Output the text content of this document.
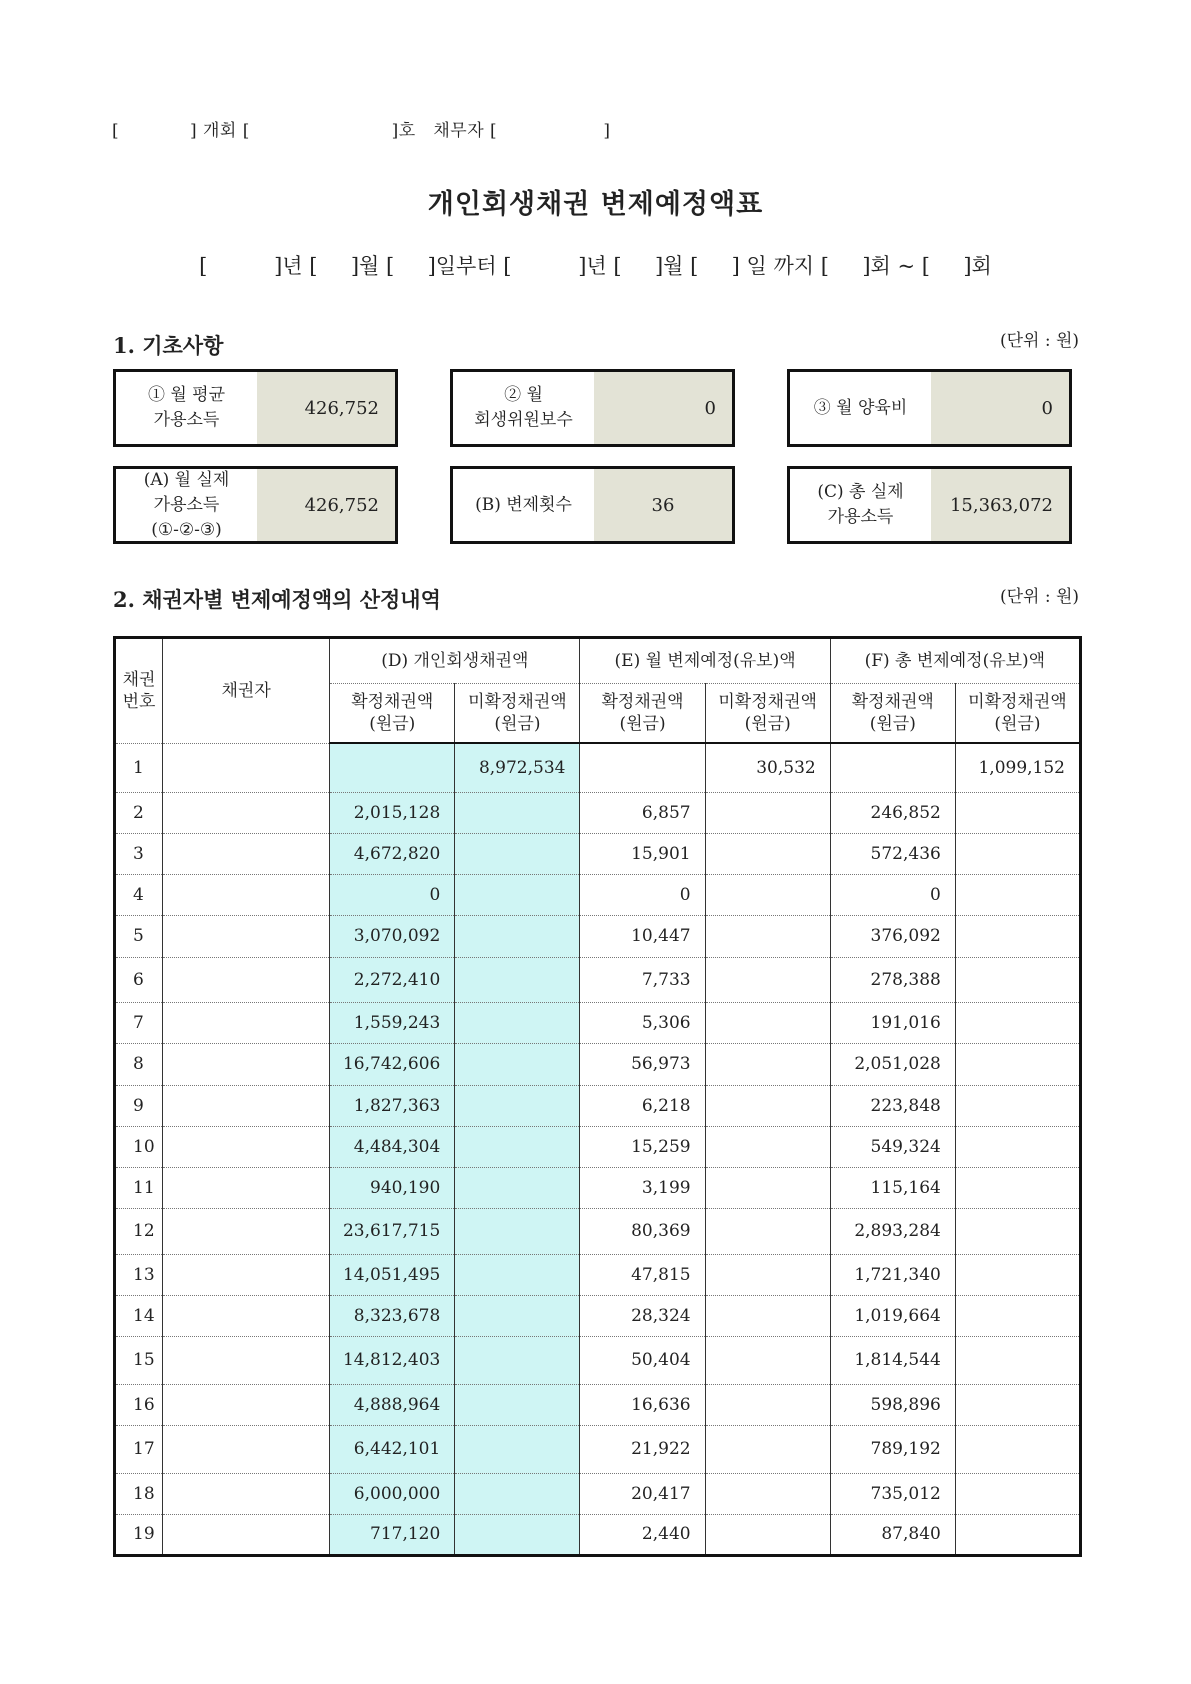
[            ] 개회 [                        ]호   채무자 [                  ]
개인회생채권 변제예정액표
[          ]년 [     ]월 [     ]일부터 [          ]년 [     ]월 [     ] 일 까지 [     ]회 ~ [     ]회
1. 기초사항	(단위 : 원)
① 월 평균
가용소득
426,752
② 월
회생위원보수
0	③ 월 양육비	0
(A) 월 실제
가용소득
(①-②-③)
426,752	(B) 변제횟수	36
(C) 총 실제
가용소득
15,363,072
2. 채권자별 변제예정액의 산정내역	(단위 : 원)
채권
번호	채권자	(D) 개인회생채권액		(E) 월 변제예정(유보)액		(F) 총 변제예정(유보)액	
		확정채권액
(원금)	미확정채권액
(원금)	확정채권액
(원금)	미확정채권액
(원금)	확정채권액
(원금)	미확정채권액
(원금)
1			8,972,534		30,532		1,099,152
2		2,015,128		6,857		246,852	
3		4,672,820		15,901		572,436	
4		0		0		0	
5		3,070,092		10,447		376,092	
6		2,272,410		7,733		278,388	
7		1,559,243		5,306		191,016	
8		16,742,606		56,973		2,051,028	
9		1,827,363		6,218		223,848	
10		4,484,304		15,259		549,324	
11		940,190		3,199		115,164	
12		23,617,715		80,369		2,893,284	
13		14,051,495		47,815		1,721,340	
14		8,323,678		28,324		1,019,664	
15		14,812,403		50,404		1,814,544	
16		4,888,964		16,636		598,896	
17		6,442,101		21,922		789,192	
18		6,000,000		20,417		735,012	
19		717,120		2,440		87,840	
